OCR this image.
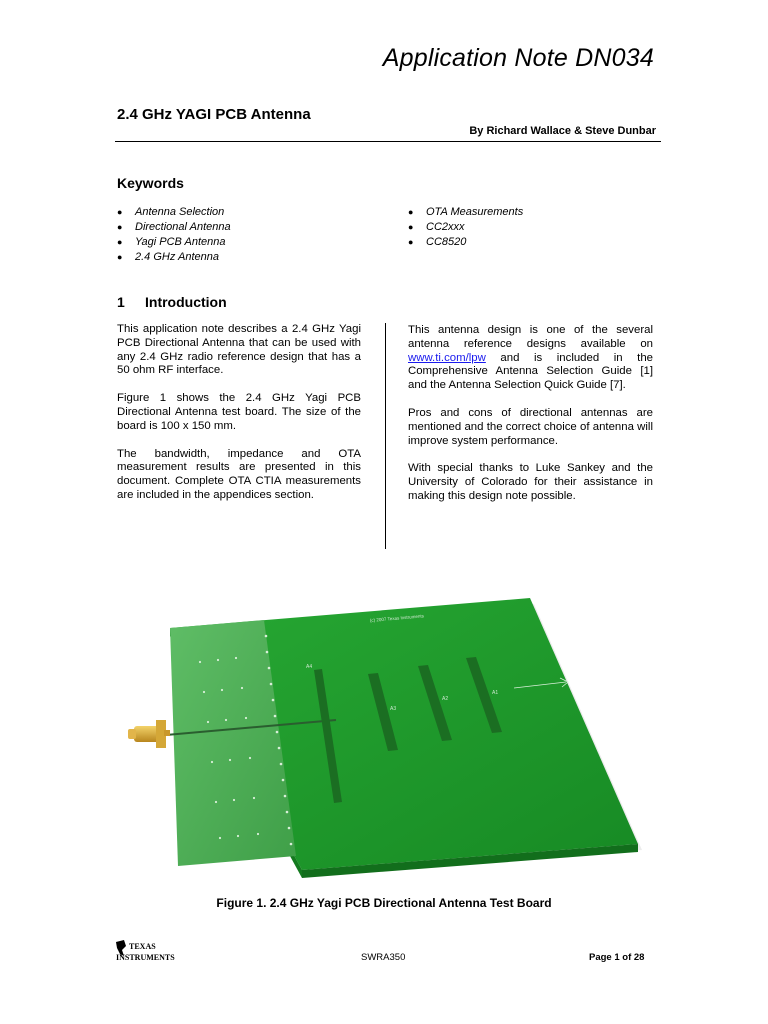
Application Note DN034
2.4 GHz YAGI PCB Antenna
By Richard Wallace & Steve Dunbar
Keywords
● Antenna Selection
● Directional Antenna
● Yagi PCB Antenna
● 2.4 GHz Antenna
● OTA Measurements
● CC2xxx
● CC8520
1 Introduction

This application note describes a 2.4 GHz Yagi PCB Directional Antenna that can be used with any 2.4 GHz radio reference design that has a 50 ohm RF interface.

Figure 1 shows the 2.4 GHz Yagi PCB Directional Antenna test board. The size of the board is 100 x 150 mm.

The bandwidth, impedance and OTA measurement results are presented in this document. Complete OTA CTIA measurements are included in the appendices section.

This antenna design is one of the several antenna reference designs available on www.ti.com/lpw and is included in the Comprehensive Antenna Selection Guide [1] and the Antenna Selection Quick Guide [7].

Pros and cons of directional antennas are mentioned and the correct choice of antenna will improve system performance.

With special thanks to Luke Sankey and the University of Colorado for their assistance in making this design note possible.

A4
A3
A2
A1
(c) 2007 Texas Instruments
Figure 1. 2.4 GHz Yagi PCB Directional Antenna Test Board
TEXAS
INSTRUMENTS	SWRA350	Page 1 of 28
